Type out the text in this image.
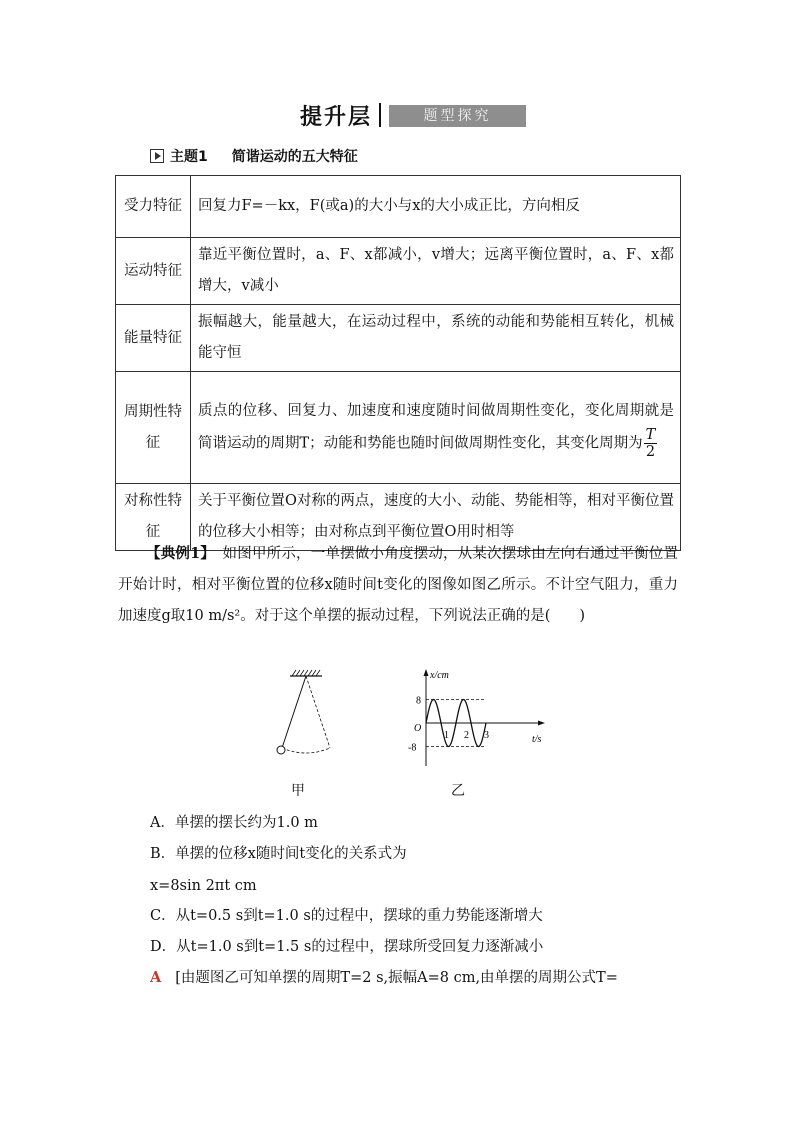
提升层	题型探究
主题1 简谐运动的五大特征
受力特征	回复力F=－kx，F(或a)的大小与x的大小成正比，方向相反
运动特征	靠近平衡位置时，a、F、x都减小，v增大；远离平衡位置时，a、F、x都增大，v减小
能量特征	振幅越大，能量越大，在运动过程中，系统的动能和势能相互转化，机械能守恒
周期性特征	质点的位移、回复力、加速度和速度随时间做周期性变化，变化周期就是简谐运动的周期T；动能和势能也随时间做周期性变化，其变化周期为 $\frac{T}{2}$

对称性特征	关于平衡位置O对称的两点，速度的大小、动能、势能相等，相对平衡位置的位移大小相等；由对称点到平衡位置O用时相等
【典例1】　 如图甲所示，一单摆做小角度摆动，从某次摆球由左向右通过平衡位置开始计时，相对平衡位置的位移x随时间t变化的图像如图乙所示。不计空气阻力，重力加速度g取10 m/s²。对于这个单摆的振动过程，下列说法正确的是(　　)
甲
x/cm
t/s
8
-8
O
1 2 3
乙
A．单摆的摆长约为1.0 m
B．单摆的位移x随时间t变化的关系式为
x=8sin 2πt cm
C．从t=0.5 s到t=1.0 s的过程中，摆球的重力势能逐渐增大
D．从t=1.0 s到t=1.5 s的过程中，摆球所受回复力逐渐减小
A [由题图乙可知单摆的周期T=2 s,振幅A=8 cm,由单摆的周期公式T=
